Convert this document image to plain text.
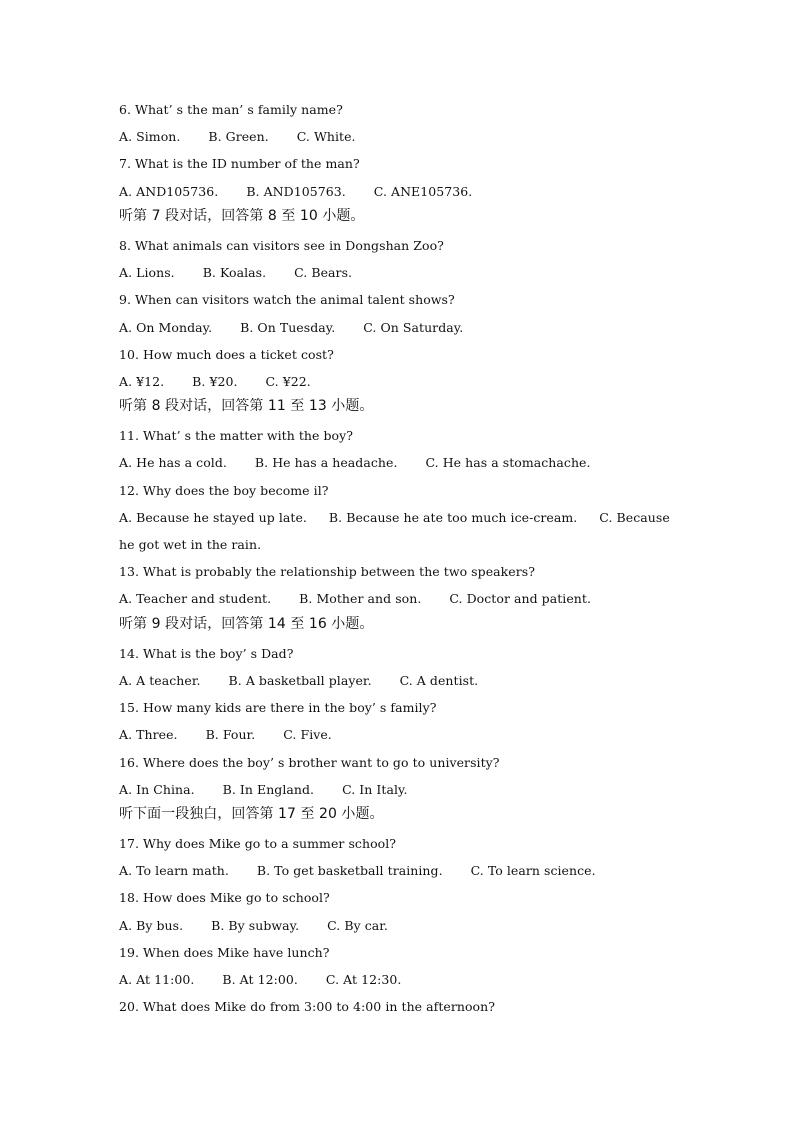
6. What’ s the man’ s family name?
A. Simon. B. Green. C. White.
7. What is the ID number of the man?
A. AND105736. B. AND105763. C. ANE105736.
听第 7 段对话，回答第 8 至 10 小题。
8. What animals can visitors see in Dongshan Zoo?
A. Lions. B. Koalas. C. Bears.
9. When can visitors watch the animal talent shows?
A. On Monday. B. On Tuesday. C. On Saturday.
10. How much does a ticket cost?
A. ¥12. B. ¥20. C. ¥22.
听第 8 段对话，回答第 11 至 13 小题。
11. What’ s the matter with the boy?
A. He has a cold. B. He has a headache. C. He has a stomachache.
12. Why does the boy become il?
A. Because he stayed up late. B. Because he ate too much ice-cream. C. Because he got wet in the rain.
13. What is probably the relationship between the two speakers?
A. Teacher and student. B. Mother and son. C. Doctor and patient.
听第 9 段对话，回答第 14 至 16 小题。
14. What is the boy’ s Dad?
A. A teacher. B. A basketball player. C. A dentist.
15. How many kids are there in the boy’ s family?
A. Three. B. Four. C. Five.
16. Where does the boy’ s brother want to go to university?
A. In China. B. In England. C. In Italy.
听下面一段独白，回答第 17 至 20 小题。
17. Why does Mike go to a summer school?
A. To learn math. B. To get basketball training. C. To learn science.
18. How does Mike go to school?
A. By bus. B. By subway. C. By car.
19. When does Mike have lunch?
A. At 11:00. B. At 12:00. C. At 12:30.
20. What does Mike do from 3:00 to 4:00 in the afternoon?
